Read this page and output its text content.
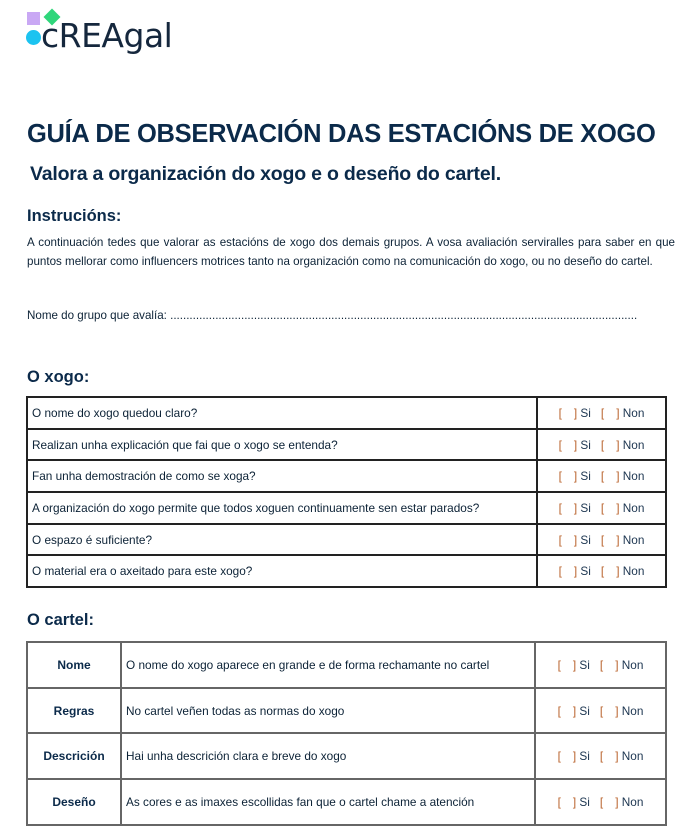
cREAgal
GUÍA DE OBSERVACIÓN DAS ESTACIÓNS DE XOGO
Valora a organización do xogo e o deseño do cartel.
Instrucións:
A continuación tedes que valorar as estacións de xogo dos demais grupos. A vosa avaliación serviralles para saber en que puntos mellorar como influencers motrices tanto na organización como na comunicación do xogo, ou no deseño do cartel.
Nome do grupo que avalía: .................................................................................................................................................
O xogo:
O nome do xogo quedou claro?	[ ] Si [ ] Non
Realizan unha explicación que fai que o xogo se entenda?	[ ] Si [ ] Non
Fan unha demostración de como se xoga?	[ ] Si [ ] Non
A organización do xogo permite que todos xoguen continuamente sen estar parados?	[ ] Si [ ] Non
O espazo é suficiente?	[ ] Si [ ] Non
O material era o axeitado para este xogo?	[ ] Si [ ] Non
O cartel:
Nome	O nome do xogo aparece en grande e de forma rechamante no cartel	[ ] Si [ ] Non
Regras	No cartel veñen todas as normas do xogo	[ ] Si [ ] Non
Descrición	Hai unha descrición clara e breve do xogo	[ ] Si [ ] Non
Deseño	As cores e as imaxes escollidas fan que o cartel chame a atención	[ ] Si [ ] Non
